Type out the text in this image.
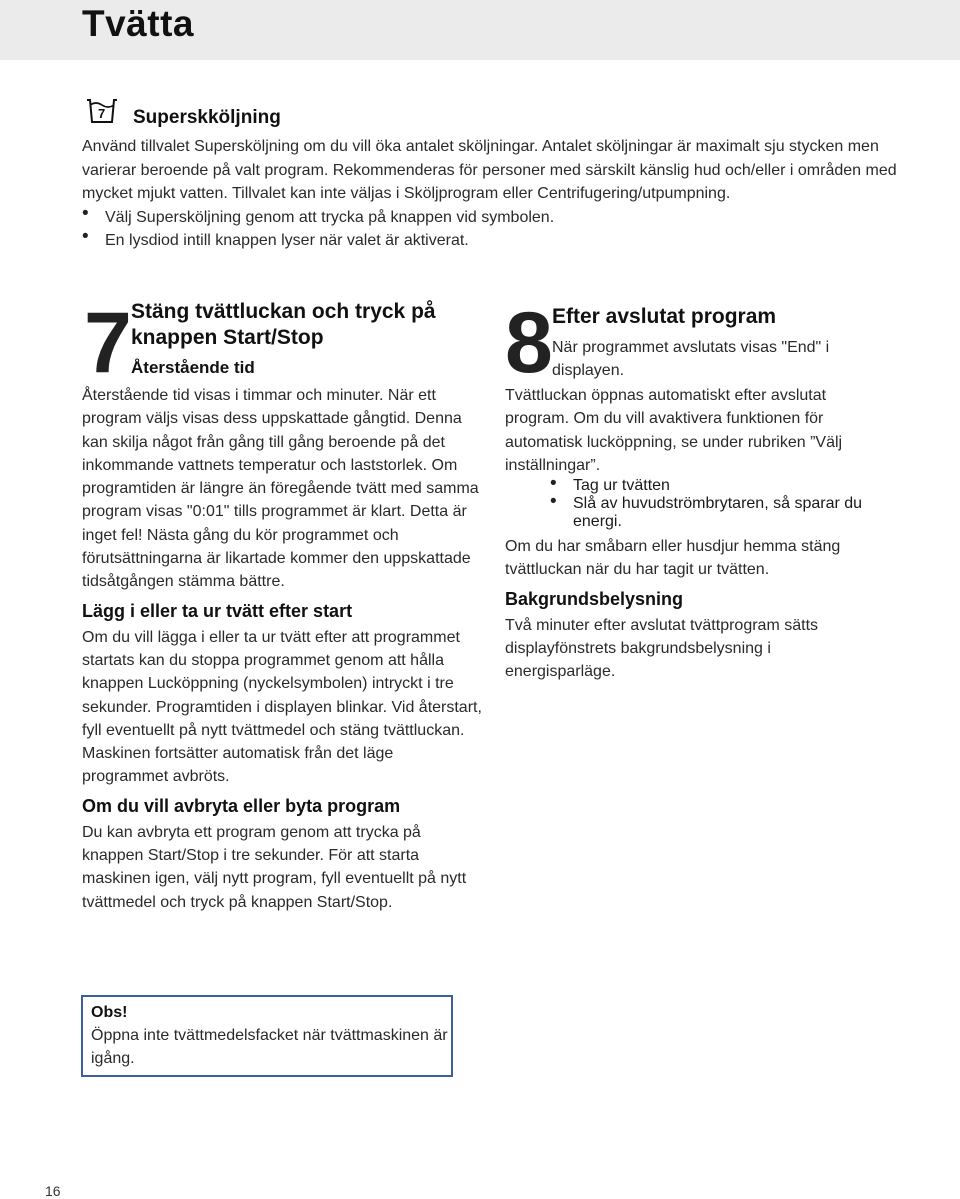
Tvätta
7 Superskköljning

Använd tillvalet Supersköljning om du vill öka antalet sköljningar. Antalet sköljningar är maximalt sju stycken men varierar beroende på valt program. Rekommenderas för personer med särskilt känslig hud och/eller i områden med mycket mjukt vatten. Tillvalet kan inte väljas i Sköljprogram eller Centrifugering/utpumpning.

• Välj Supersköljning genom att trycka på knappen vid symbolen.
• En lysdiod intill knappen lyser när valet är aktiverat.
7 Stäng tvättluckan och tryck på knappen Start/Stop
Återstående tid

Återstående tid visas i timmar och minuter. När ett program väljs visas dess uppskattade gångtid. Denna kan skilja något från gång till gång beroende på det inkommande vattnets temperatur och laststorlek. Om programtiden är längre än föregående tvätt med samma program visas "0:01" tills programmet är klart. Detta är inget fel! Nästa gång du kör programmet och förutsättningarna är likartade kommer den uppskattade tidsåtgången stämma bättre.

Lägg i eller ta ur tvätt efter start

Om du vill lägga i eller ta ur tvätt efter att programmet startats kan du stoppa programmet genom att hålla knappen Lucköppning (nyckelsymbolen) intryckt i tre sekunder. Programtiden i displayen blinkar. Vid återstart, fyll eventuellt på nytt tvättmedel och stäng tvättluckan. Maskinen fortsätter automatisk från det läge programmet avbröts.

Om du vill avbryta eller byta program

Du kan avbryta ett program genom att trycka på knappen Start/Stop i tre sekunder. För att starta maskinen igen, välj nytt program, fyll eventuellt på nytt tvättmedel och tryck på knappen Start/Stop.

Obs!

Öppna inte tvättmedelsfacket när tvättmaskinen är igång.

8 Efter avslutat program

När programmet avslutats visas "End" i displayen.

Tvättluckan öppnas automatiskt efter avslutat program. Om du vill avaktivera funktionen för automatisk lucköppning, se under rubriken ”Välj inställningar”.

• Tag ur tvätten
• Slå av huvudströmbrytaren, så sparar du energi.

Om du har småbarn eller husdjur hemma stäng tvättluckan när du har tagit ur tvätten.

Bakgrundsbelysning

Två minuter efter avslutat tvättprogram sätts displayfönstrets bakgrundsbelysning i energisparläge.

16
